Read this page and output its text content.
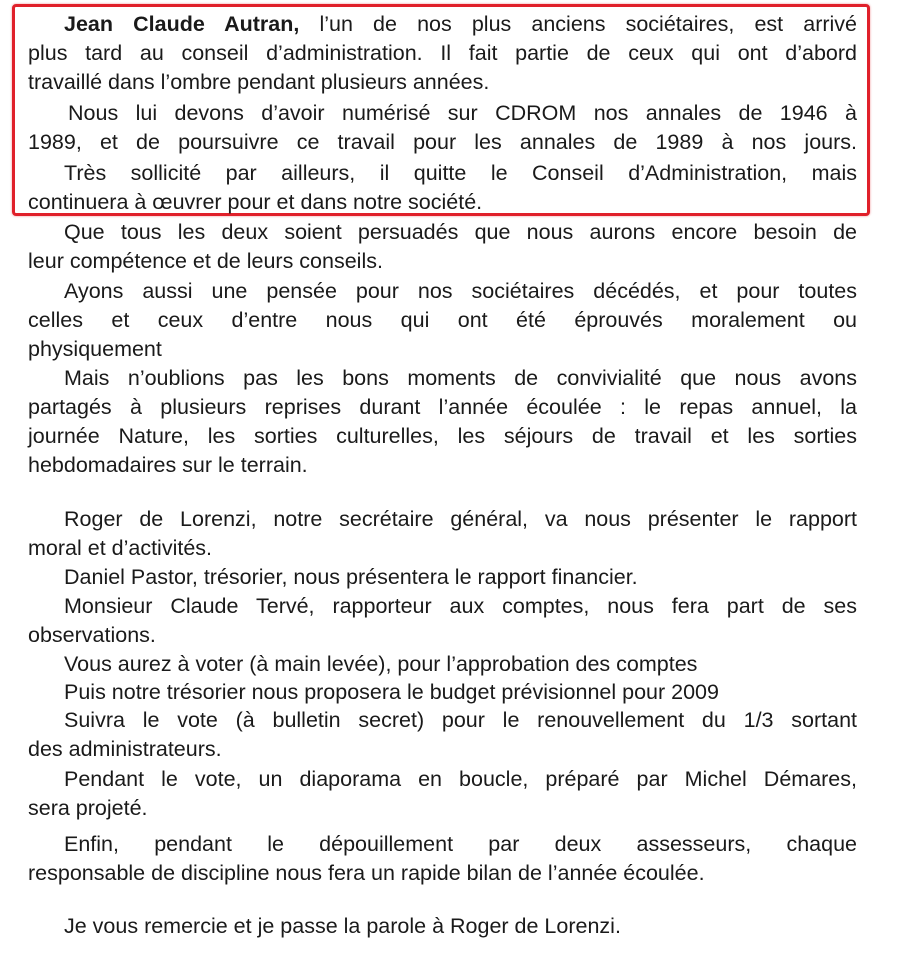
Jean Claude Autran, l’un de nos plus anciens sociétaires, est arrivé
plus tard au conseil d’administration. Il fait partie de ceux qui ont d’abord
travaillé dans l’ombre pendant plusieurs années.
Nous lui devons d’avoir numérisé sur CDROM nos annales de 1946 à
1989, et de poursuivre ce travail pour les annales de 1989 à nos jours.
Très sollicité par ailleurs, il quitte le Conseil d’Administration, mais
continuera à œuvrer pour et dans notre société.
Que tous les deux soient persuadés que nous aurons encore besoin de
leur compétence et de leurs conseils.
Ayons aussi une pensée pour nos sociétaires décédés, et pour toutes
celles et ceux d’entre nous qui ont été éprouvés moralement ou
physiquement
Mais n’oublions pas les bons moments de convivialité que nous avons
partagés à plusieurs reprises durant l’année écoulée : le repas annuel, la
journée Nature, les sorties culturelles, les séjours de travail et les sorties
hebdomadaires sur le terrain.
Roger de Lorenzi, notre secrétaire général, va nous présenter le rapport
moral et d’activités.
Daniel Pastor, trésorier, nous présentera le rapport financier.
Monsieur Claude Tervé, rapporteur aux comptes, nous fera part de ses
observations.
Vous aurez à voter (à main levée), pour l’approbation des comptes
Puis notre trésorier nous proposera le budget prévisionnel pour 2009
Suivra le vote (à bulletin secret) pour le renouvellement du 1/3 sortant
des administrateurs.
Pendant le vote, un diaporama en boucle, préparé par Michel Démares,
sera projeté.
Enfin, pendant le dépouillement par deux assesseurs, chaque
responsable de discipline nous fera un rapide bilan de l’année écoulée.
Je vous remercie et je passe la parole à Roger de Lorenzi.
